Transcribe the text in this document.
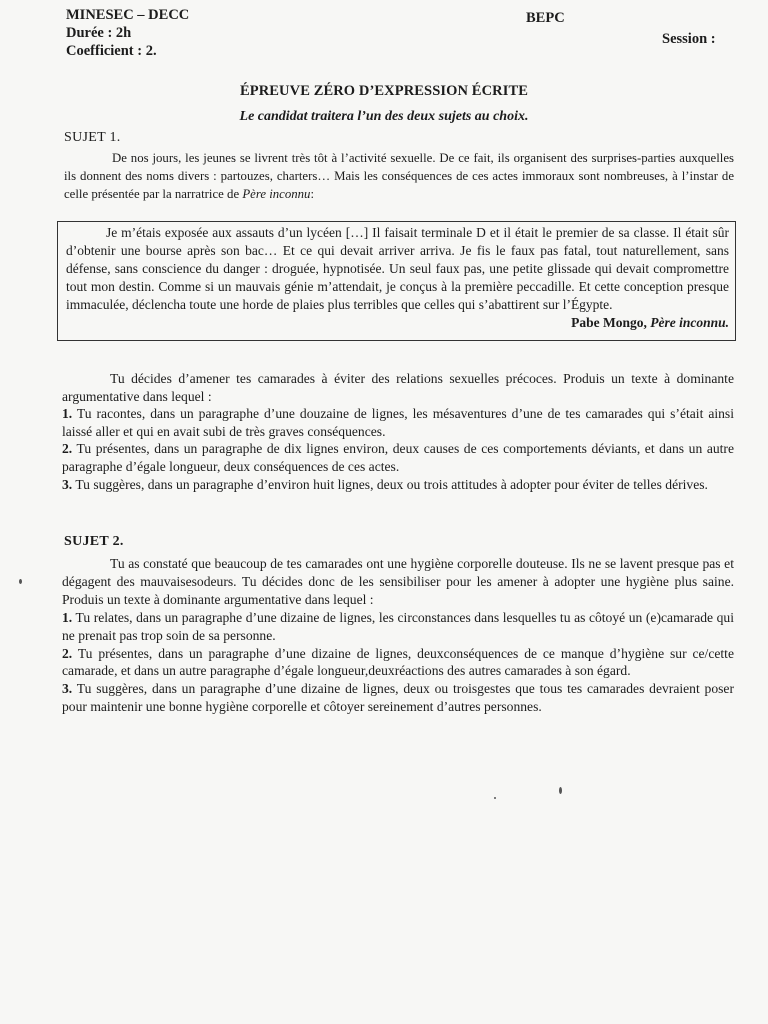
MINESEC – DECC
Durée : 2h
Coefficient : 2.
BEPC
Session :
ÉPREUVE ZÉRO D’EXPRESSION ÉCRITE
Le candidat traitera l’un des deux sujets au choix.
SUJET 1.

De nos jours, les jeunes se livrent très tôt à l’activité sexuelle. De ce fait, ils organisent des surprises-parties auxquelles ils donnent des noms divers : partouzes, charters… Mais les conséquences de ces actes immoraux sont nombreuses, à l’instar de celle présentée par la narratrice de Père inconnu:

Je m’étais exposée aux assauts d’un lycéen […] Il faisait terminale D et il était le premier de sa classe. Il était sûr d’obtenir une bourse après son bac… Et ce qui devait arriver arriva. Je fis le faux pas fatal, tout naturellement, sans défense, sans conscience du danger : droguée, hypnotisée. Un seul faux pas, une petite glissade qui devait compromettre tout mon destin. Comme si un mauvais génie m’attendait, je conçus à la première peccadille. Et cette conception presque immaculée, déclencha toute une horde de plaies plus terribles que celles qui s’abattirent sur l’Égypte.

Pabe Mongo, Père inconnu.

Tu décides d’amener tes camarades à éviter des relations sexuelles précoces. Produis un texte à dominante argumentative dans lequel :

1. Tu racontes, dans un paragraphe d’une douzaine de lignes, les mésaventures d’une de tes camarades qui s’était ainsi laissé aller et qui en avait subi de très graves conséquences.

2. Tu présentes, dans un paragraphe de dix lignes environ, deux causes de ces comportements déviants, et dans un autre paragraphe d’égale longueur, deux conséquences de ces actes.

3. Tu suggères, dans un paragraphe d’environ huit lignes, deux ou trois attitudes à adopter pour éviter de telles dérives.

SUJET 2.

Tu as constaté que beaucoup de tes camarades ont une hygiène corporelle douteuse. Ils ne se lavent presque pas et dégagent des mauvaisesodeurs. Tu décides donc de les sensibiliser pour les amener à adopter une hygiène plus saine. Produis un texte à dominante argumentative dans lequel :

1. Tu relates, dans un paragraphe d’une dizaine de lignes, les circonstances dans lesquelles tu as côtoyé un (e)camarade qui ne prenait pas trop soin de sa personne.

2. Tu présentes, dans un paragraphe d’une dizaine de lignes, deuxconséquences de ce manque d’hygiène sur ce/cette camarade, et dans un autre paragraphe d’égale longueur,deuxréactions des autres camarades à son égard.

3. Tu suggères, dans un paragraphe d’une dizaine de lignes, deux ou troisgestes que tous tes camarades devraient poser pour maintenir une bonne hygiène corporelle et côtoyer sereinement d’autres personnes.
